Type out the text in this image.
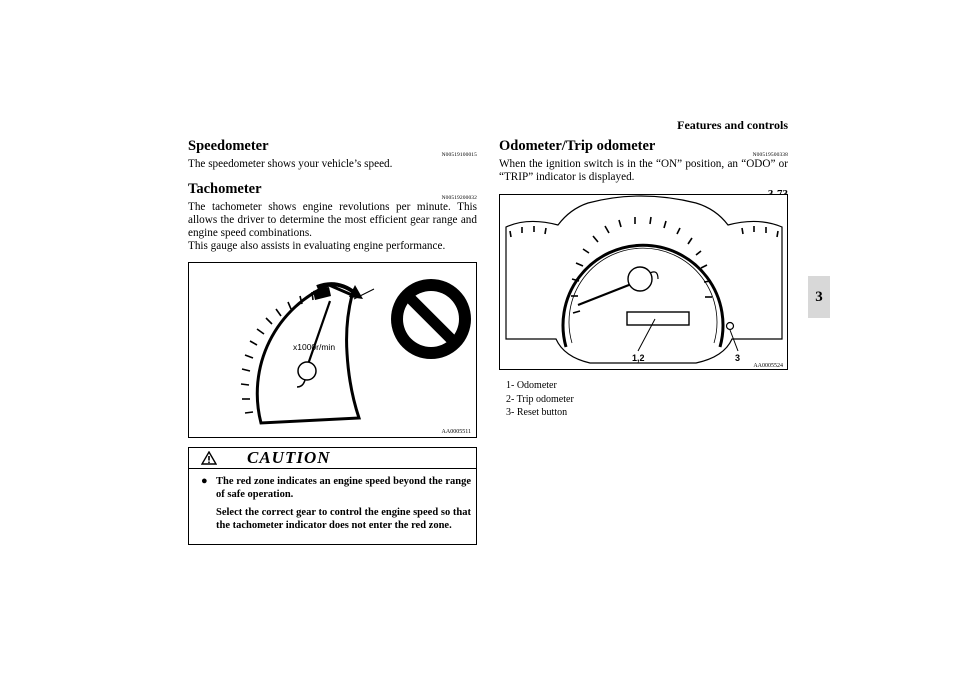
Features and controls
3
Speedometer
N00519100015

The speedometer shows your vehicle’s speed.

Tachometer
N00519200032

The tachometer shows engine revolutions per minute. This allows the driver to determine the most efficient gear range and engine speed combinations.

This gauge also assists in evaluating engine performance.

x1000r/min
AA0005511
CAUTION
● The red zone indicates an engine speed beyond the range of safe operation.

Select the correct gear to control the engine speed so that the tachometer indicator does not enter the red zone.

Odometer/Trip odometer
N00519500338

When the ignition switch is in the “ON” position, an “ODO” or “TRIP” indicator is displayed.

1,2	3
AA0005524
1- Odometer
2- Trip odometer
3- Reset button
